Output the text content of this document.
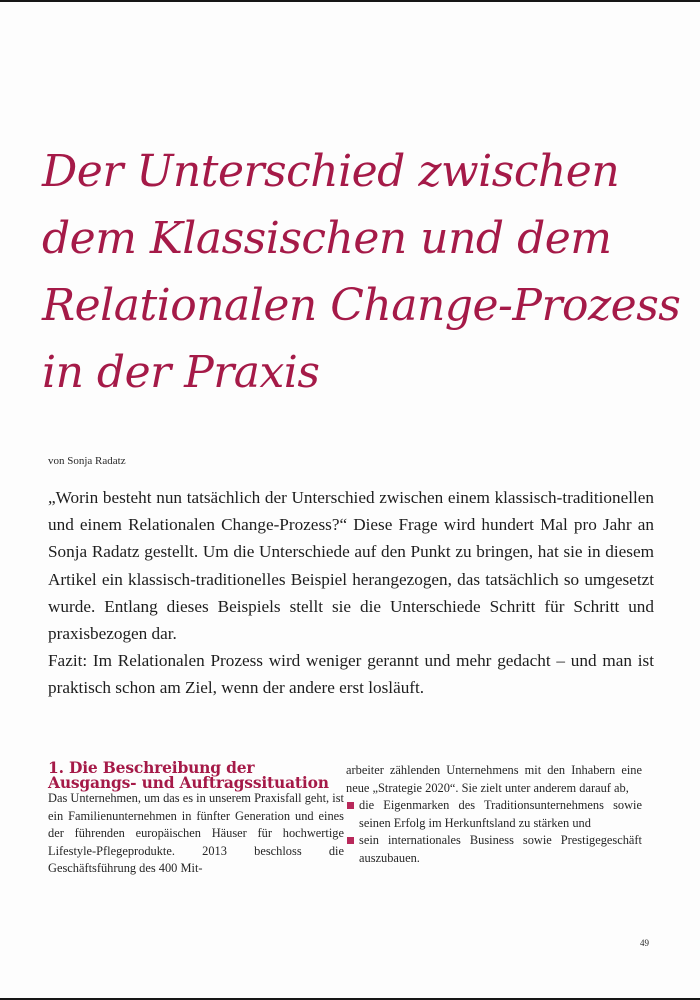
Der Unterschied zwischen
dem Klassischen und dem
Relationalen Change-Prozess
in der Praxis
von Sonja Radatz

„Worin besteht nun tatsächlich der Unterschied zwischen einem klassisch-traditionellen und einem Relationalen Change-Prozess?“ Diese Frage wird hundert Mal pro Jahr an Sonja Radatz gestellt. Um die Unterschiede auf den Punkt zu bringen, hat sie in diesem Artikel ein klassisch-traditionelles Beispiel herangezogen, das tatsächlich so umgesetzt wurde. Entlang dieses Beispiels stellt sie die Unterschiede Schritt für Schritt und praxisbezogen dar.

Fazit: Im Relationalen Prozess wird weniger gerannt und mehr gedacht – und man ist praktisch schon am Ziel, wenn der andere erst losläuft.

1. Die Beschreibung der Ausgangs- und Auftragssituation

Das Unternehmen, um das es in unserem Praxisfall geht, ist ein Familienunternehmen in fünfter Generation und eines der führenden europäischen Häuser für hochwertige Lifestyle-Pflegeprodukte. 2013 beschloss die Geschäftsführung des 400 Mit-

arbeiter zählenden Unternehmens mit den Inhabern eine neue „Strategie 2020“. Sie zielt unter anderem darauf ab,

die Eigenmarken des Traditionsunternehmens sowie seinen Erfolg im Herkunftsland zu stärken und
sein internationales Business sowie Prestigegeschäft auszubauen.
49
